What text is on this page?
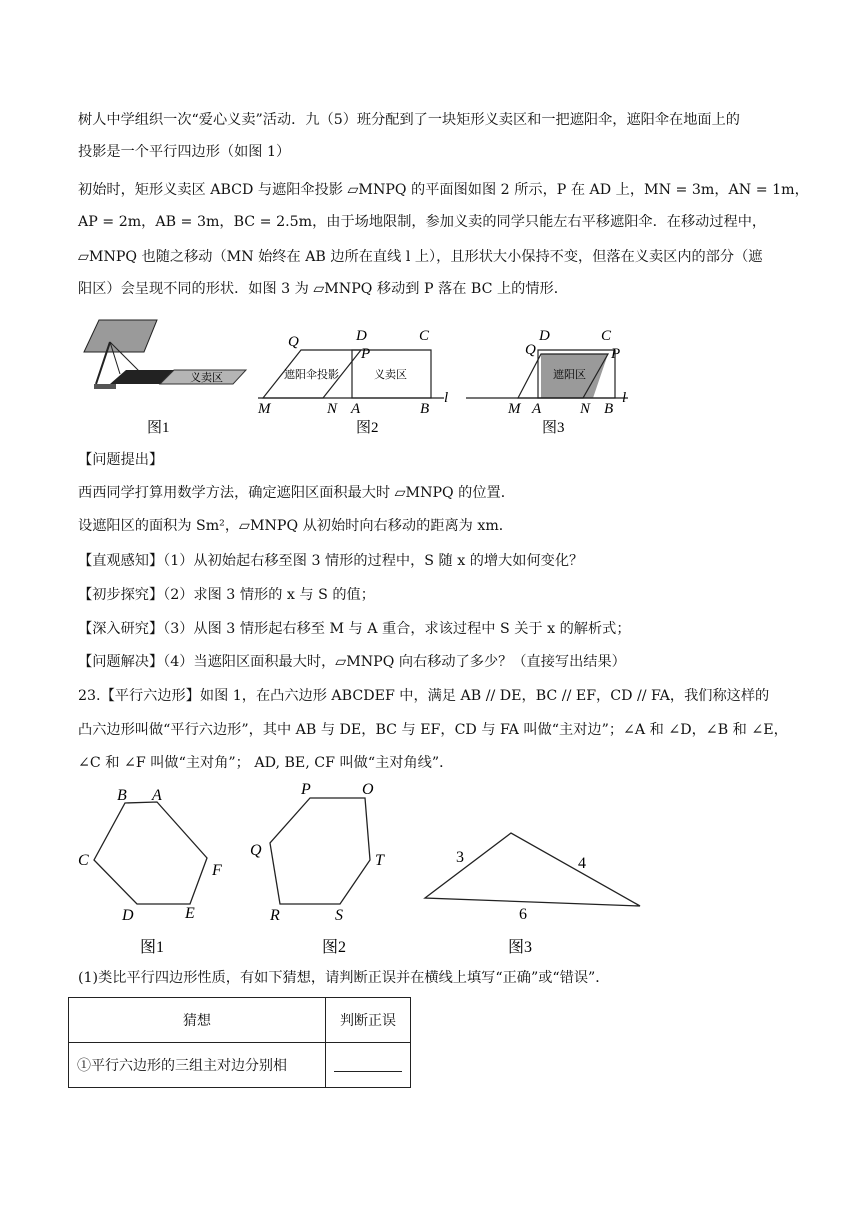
树人中学组织一次“爱心义卖”活动．九（5）班分配到了一块矩形义卖区和一把遮阳伞，遮阳伞在地面上的
投影是一个平行四边形（如图 1）
初始时，矩形义卖区 ABCD 与遮阳伞投影 ▱MNPQ 的平面图如图 2 所示，P 在 AD 上，MN = 3m，AN = 1m，
AP = 2m，AB = 3m，BC = 2.5m，由于场地限制，参加义卖的同学只能左右平移遮阳伞．在移动过程中，
▱MNPQ 也随之移动（MN 始终在 AB 边所在直线 l 上），且形状大小保持不变，但落在义卖区内的部分（遮
阳区）会呈现不同的形状．如图 3 为 ▱MNPQ 移动到 P 落在 BC 上的情形．
义卖区
图1
遮阳伞投影	义卖区
Q	D	C
P
M	N A	B
l
图2
遮阳区
D	C
Q	P
M A	N B
l
图3
【问题提出】
西西同学打算用数学方法，确定遮阳区面积最大时 ▱MNPQ 的位置．
设遮阳区的面积为 Sm²，▱MNPQ 从初始时向右移动的距离为 xm．
【直观感知】（1）从初始起右移至图 3 情形的过程中，S 随 x 的增大如何变化？
【初步探究】（2）求图 3 情形的 x 与 S 的值；
【深入研究】（3）从图 3 情形起右移至 M 与 A 重合，求该过程中 S 关于 x 的解析式；
【问题解决】（4）当遮阳区面积最大时，▱MNPQ 向右移动了多少？（直接写出结果）
23.【平行六边形】如图 1，在凸六边形 ABCDEF 中，满足 AB // DE，BC // EF，CD // FA，我们称这样的
凸六边形叫做“平行六边形”，其中 AB 与 DE，BC 与 EF，CD 与 FA 叫做“主对边”；∠A 和 ∠D，∠B 和 ∠E，
∠C 和 ∠F 叫做“主对角”； AD, BE, CF 叫做“主对角线”．
B A
C
F
D	E
图1
P	O
Q
T
R	S
图2
3	4
6
图3
(1)类比平行四边形性质，有如下猜想，请判断正误并在横线上填写“正确”或“错误”．
猜想	判断正误
①平行六边形的三组主对边分别相	
